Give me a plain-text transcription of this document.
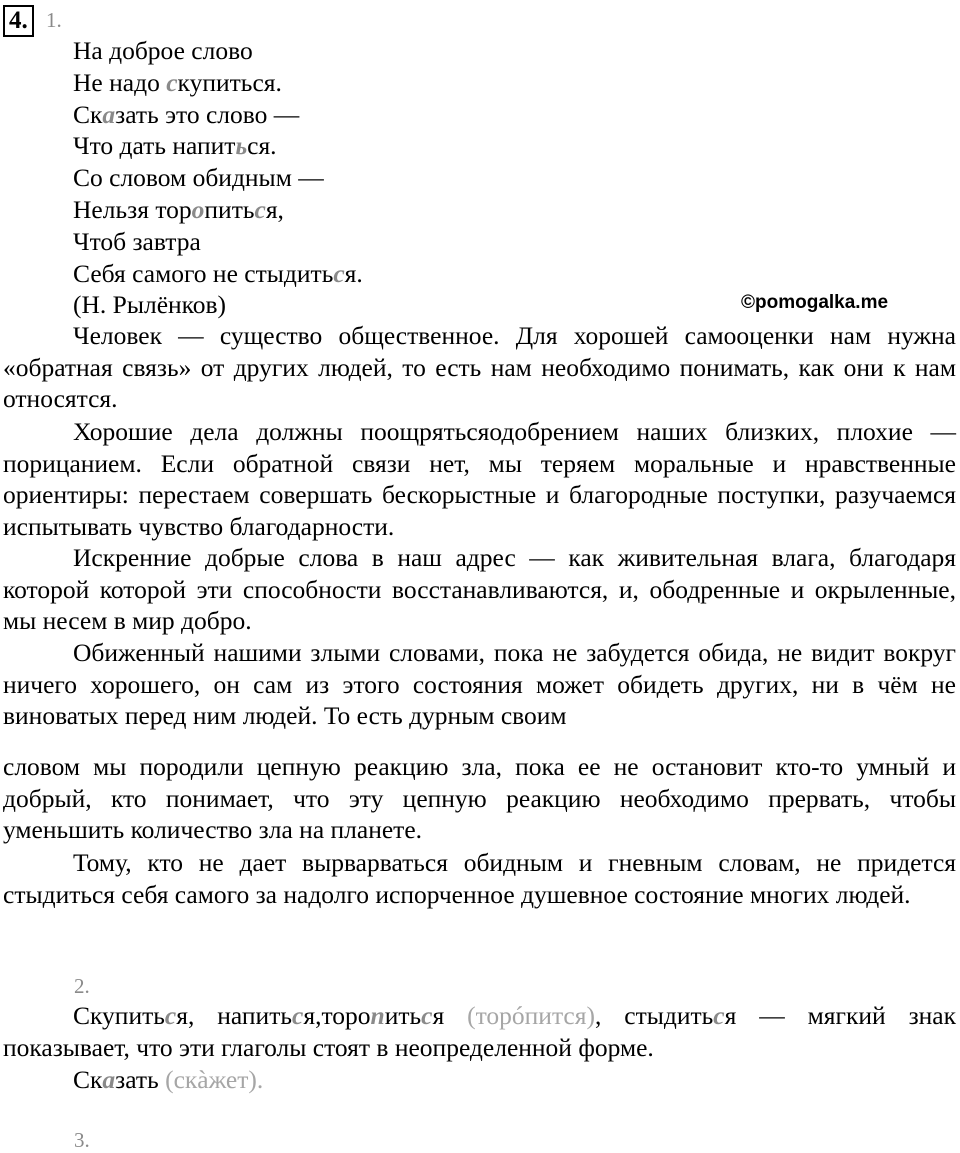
4. 1.
На доброе слово
Не надо скупиться.
Сказать это слово —
Что дать напиться.
Со словом обидным —
Нельзя торопиться,
Чтоб завтра
Себя самого не стыдиться.
(Н. Рылёнков)	©pomogalka.me

Человек — существо общественное. Для хорошей самооценки нам нужна «обратная связь» от других людей, то есть нам необходимо понимать, как они к нам относятся.

Хорошие дела должны поощрятьсяодобрением наших близких, плохие — порицанием. Если обратной связи нет, мы теряем моральные и нравственные ориентиры: перестаем совершать бескорыстные и благородные поступки, разучаемся испытывать чувство благодарности.

Искренние добрые слова в наш адрес — как живительная влага, благодаря которой которой эти способности восстанавливаются, и, ободренные и окрыленные, мы несем в мир добро.

Обиженный нашими злыми словами, пока не забудется обида, не видит вокруг ничего хорошего, он сам из этого состояния может обидеть других, ни в чём не виноватых перед ним людей. То есть дурным своим

словом мы породили цепную реакцию зла, пока ее не остановит кто-то умный и добрый, кто понимает, что эту цепную реакцию необходимо прервать, чтобы уменьшить количество зла на планете.

Тому, кто не дает вырварваться обидным и гневным словам, не придется стыдиться себя самого за надолго испорченное душевное состояние многих людей.

2.

Скупиться, напиться,торопиться (торóпится), стыдиться — мягкий знак показывает, что эти глаголы стоят в неопределенной форме.

Сказать (скàжет).

3.
